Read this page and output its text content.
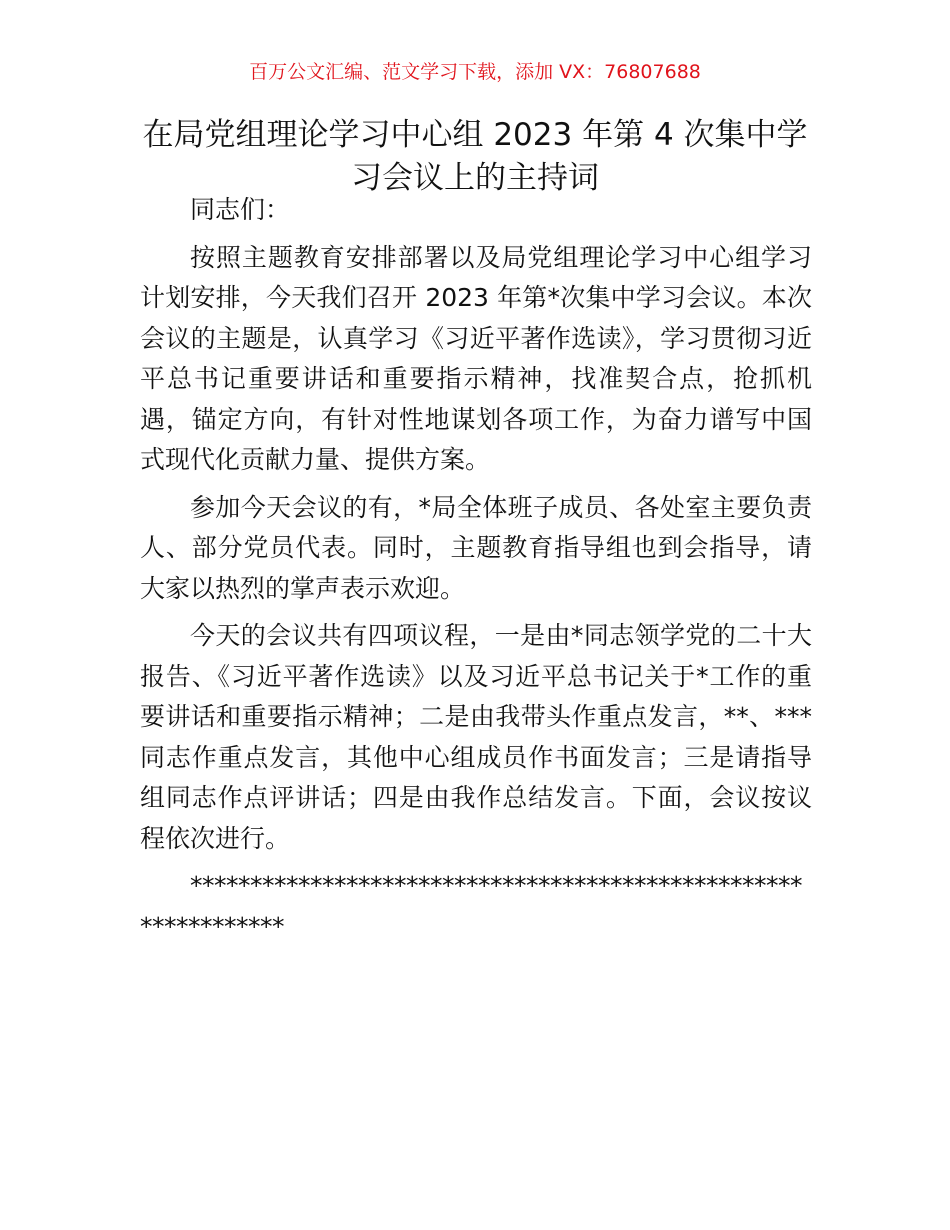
百万公文汇编、范文学习下载，添加 VX：76807688
在局党组理论学习中心组 2023 年第 4 次集中学习会议上的主持词

同志们：

按照主题教育安排部署以及局党组理论学习中心组学习计划安排，今天我们召开 2023 年第*次集中学习会议。本次会议的主题是，认真学习《习近平著作选读》，学习贯彻习近平总书记重要讲话和重要指示精神，找准契合点，抢抓机遇，锚定方向，有针对性地谋划各项工作，为奋力谱写中国式现代化贡献力量、提供方案。

参加今天会议的有，*局全体班子成员、各处室主要负责人、部分党员代表。同时，主题教育指导组也到会指导，请大家以热烈的掌声表示欢迎。

今天的会议共有四项议程，一是由*同志领学党的二十大报告、《习近平著作选读》以及习近平总书记关于*工作的重要讲话和重要指示精神；二是由我带头作重点发言，**、***同志作重点发言，其他中心组成员作书面发言；三是请指导组同志作点评讲话；四是由我作总结发言。下面，会议按议程依次进行。

***************************************************************
